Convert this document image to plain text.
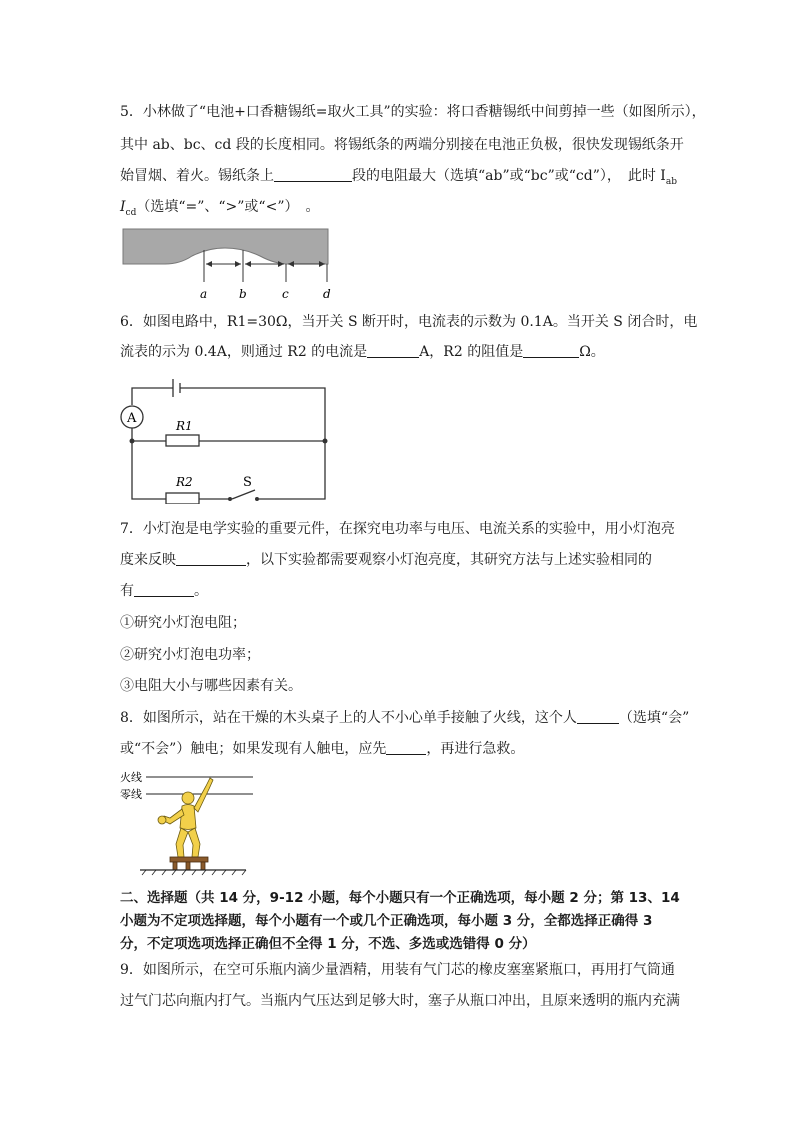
5．小林做了“电池+口香糖锡纸=取火工具”的实验：将口香糖锡纸中间剪掉一些（如图所示），
其中 ab、bc、cd 段的长度相同。将锡纸条的两端分别接在电池正负极，很快发现锡纸条开
始冒烟、着火。锡纸条上	段的电阻最大（选填“ab”或“bc”或“cd”），　此时 $I_{ab}$
$I_{cd}$（选填“=”、“>”或“<”）　。
a	b	c	d
6．如图电路中，R1=30Ω，当开关 S 断开时，电流表的示数为 0.1A。当开关 S 闭合时，电
流表的示为 0.4A，则通过 R2 的电流是	A，R2 的阻值是	Ω。
A	R1
R2	S
7．小灯泡是电学实验的重要元件，在探究电功率与电压、电流关系的实验中，用小灯泡亮
度来反映	，以下实验都需要观察小灯泡亮度，其研究方法与上述实验相同的
有	。
①研究小灯泡电阻；
②研究小灯泡电功率；
③电阻大小与哪些因素有关。
8．如图所示，站在干燥的木头桌子上的人不小心单手接触了火线，这个人	（选填“会”
或“不会”）触电；如果发现有人触电，应先	，再进行急救。
火线
零线
二、选择题（共 14 分，9-12 小题，每个小题只有一个正确选项，每小题 2 分；第 13、14
小题为不定项选择题，每个小题有一个或几个正确选项，每小题 3 分，全都选择正确得 3
分，不定项选项选择正确但不全得 1 分，不选、多选或选错得 0 分）
9．如图所示，在空可乐瓶内滴少量酒精，用装有气门芯的橡皮塞塞紧瓶口，再用打气筒通
过气门芯向瓶内打气。当瓶内气压达到足够大时，塞子从瓶口冲出，且原来透明的瓶内充满
